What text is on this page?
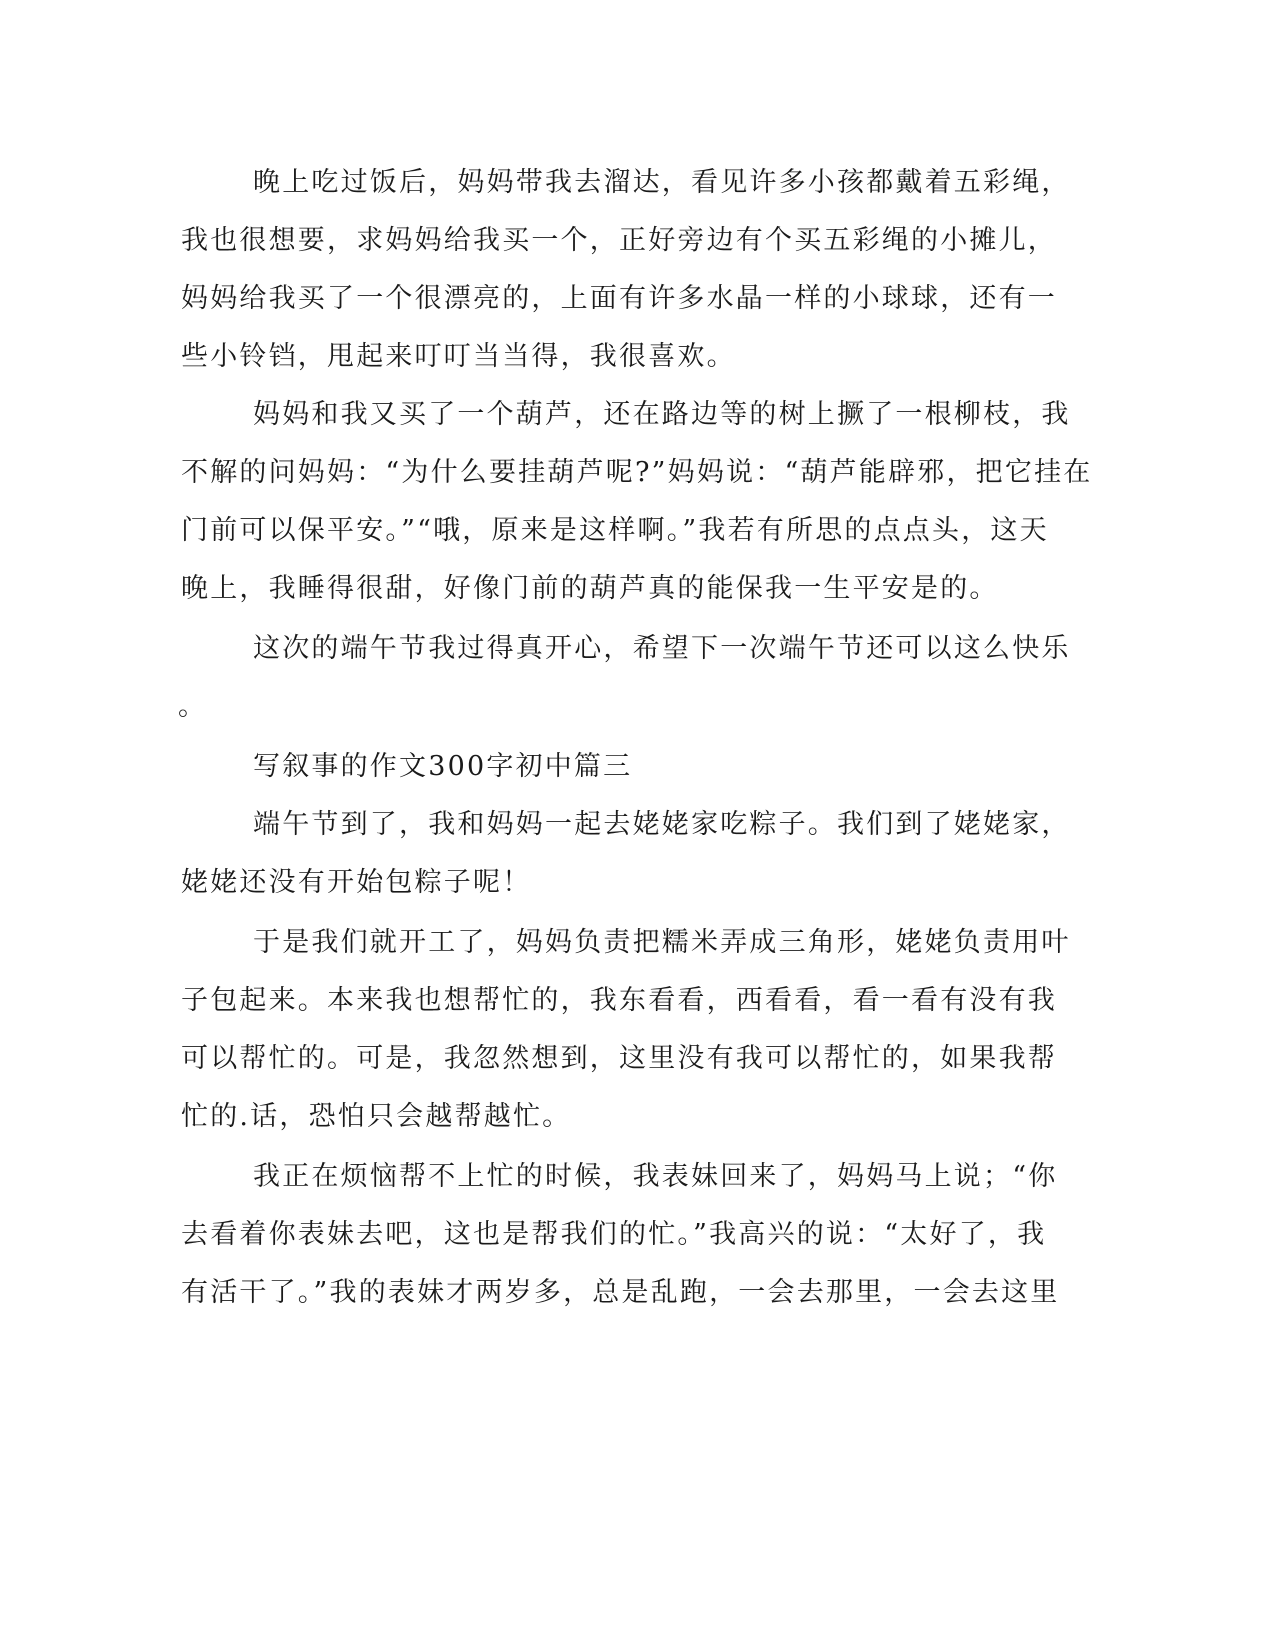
晚上吃过饭后，妈妈带我去溜达，看见许多小孩都戴着五彩绳，

我也很想要，求妈妈给我买一个，正好旁边有个买五彩绳的小摊儿，

妈妈给我买了一个很漂亮的，上面有许多水晶一样的小球球，还有一

些小铃铛，甩起来叮叮当当得，我很喜欢。

妈妈和我又买了一个葫芦，还在路边等的树上撅了一根柳枝，我

不解的问妈妈：“为什么要挂葫芦呢?”妈妈说：“葫芦能辟邪，把它挂在

门前可以保平安。”“哦，原来是这样啊。”我若有所思的点点头，这天

晚上，我睡得很甜，好像门前的葫芦真的能保我一生平安是的。

这次的端午节我过得真开心，希望下一次端午节还可以这么快乐

。

写叙事的作文300字初中篇三

端午节到了，我和妈妈一起去姥姥家吃粽子。我们到了姥姥家，

姥姥还没有开始包粽子呢！

于是我们就开工了，妈妈负责把糯米弄成三角形，姥姥负责用叶

子包起来。本来我也想帮忙的，我东看看，西看看，看一看有没有我

可以帮忙的。可是，我忽然想到，这里没有我可以帮忙的，如果我帮

忙的.话，恐怕只会越帮越忙。

我正在烦恼帮不上忙的时候，我表妹回来了，妈妈马上说；“你

去看着你表妹去吧，这也是帮我们的忙。”我高兴的说：“太好了，我

有活干了。”我的表妹才两岁多，总是乱跑，一会去那里，一会去这里
